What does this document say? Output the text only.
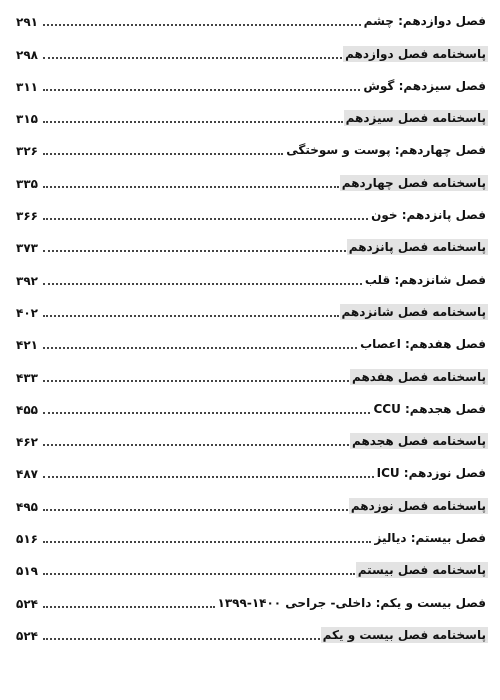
فصل دوازدهم: چشم
۲۹۱
پاسخنامه فصل دوازدهم
۲۹۸
فصل سیزدهم: گوش
۳۱۱
پاسخنامه فصل سیزدهم
۳۱۵
فصل چهاردهم: پوست و سوختگی
۳۲۶
پاسخنامه فصل چهاردهم
۳۳۵
فصل پانزدهم: خون
۳۶۶
پاسخنامه فصل پانزدهم
۳۷۳
فصل شانزدهم: قلب
۳۹۲
پاسخنامه فصل شانزدهم
۴۰۲
فصل هفدهم: اعصاب
۴۲۱
پاسخنامه فصل هفدهم
۴۳۳
فصل هجدهم: CCU
۴۵۵
پاسخنامه فصل هجدهم
۴۶۲
فصل نوزدهم: ICU
۴۸۷
پاسخنامه فصل نوزدهم
۴۹۵
فصل بیستم: دیالیز
۵۱۶
پاسخنامه فصل بیستم
۵۱۹
فصل بیست و یکم: داخلی- جراحی ۱۴۰۰-۱۳۹۹
۵۲۴
پاسخنامه فصل بیست و یکم
۵۲۴
